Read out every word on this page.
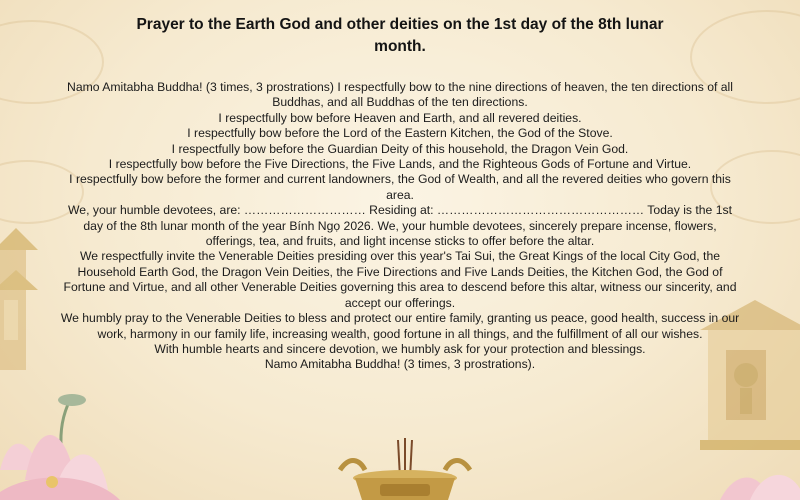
Prayer to the Earth God and other deities on the 1st day of the 8th lunar month.

Namo Amitabha Buddha! (3 times, 3 prostrations) I respectfully bow to the nine directions of heaven, the ten directions of all Buddhas, and all Buddhas of the ten directions.

I respectfully bow before Heaven and Earth, and all revered deities.

I respectfully bow before the Lord of the Eastern Kitchen, the God of the Stove.

I respectfully bow before the Guardian Deity of this household, the Dragon Vein God.

I respectfully bow before the Five Directions, the Five Lands, and the Righteous Gods of Fortune and Virtue.

I respectfully bow before the former and current landowners, the God of Wealth, and all the revered deities who govern this area.

We, your humble devotees, are: ………………………… Residing at: …………………………………………… Today is the 1st day of the 8th lunar month of the year Bính Ngọ 2026. We, your humble devotees, sincerely prepare incense, flowers, offerings, tea, and fruits, and light incense sticks to offer before the altar.

We respectfully invite the Venerable Deities presiding over this year's Tai Sui, the Great Kings of the local City God, the Household Earth God, the Dragon Vein Deities, the Five Directions and Five Lands Deities, the Kitchen God, the God of Fortune and Virtue, and all other Venerable Deities governing this area to descend before this altar, witness our sincerity, and accept our offerings.

We humbly pray to the Venerable Deities to bless and protect our entire family, granting us peace, good health, success in our work, harmony in our family life, increasing wealth, good fortune in all things, and the fulfillment of all our wishes.

With humble hearts and sincere devotion, we humbly ask for your protection and blessings.

Namo Amitabha Buddha! (3 times, 3 prostrations).
